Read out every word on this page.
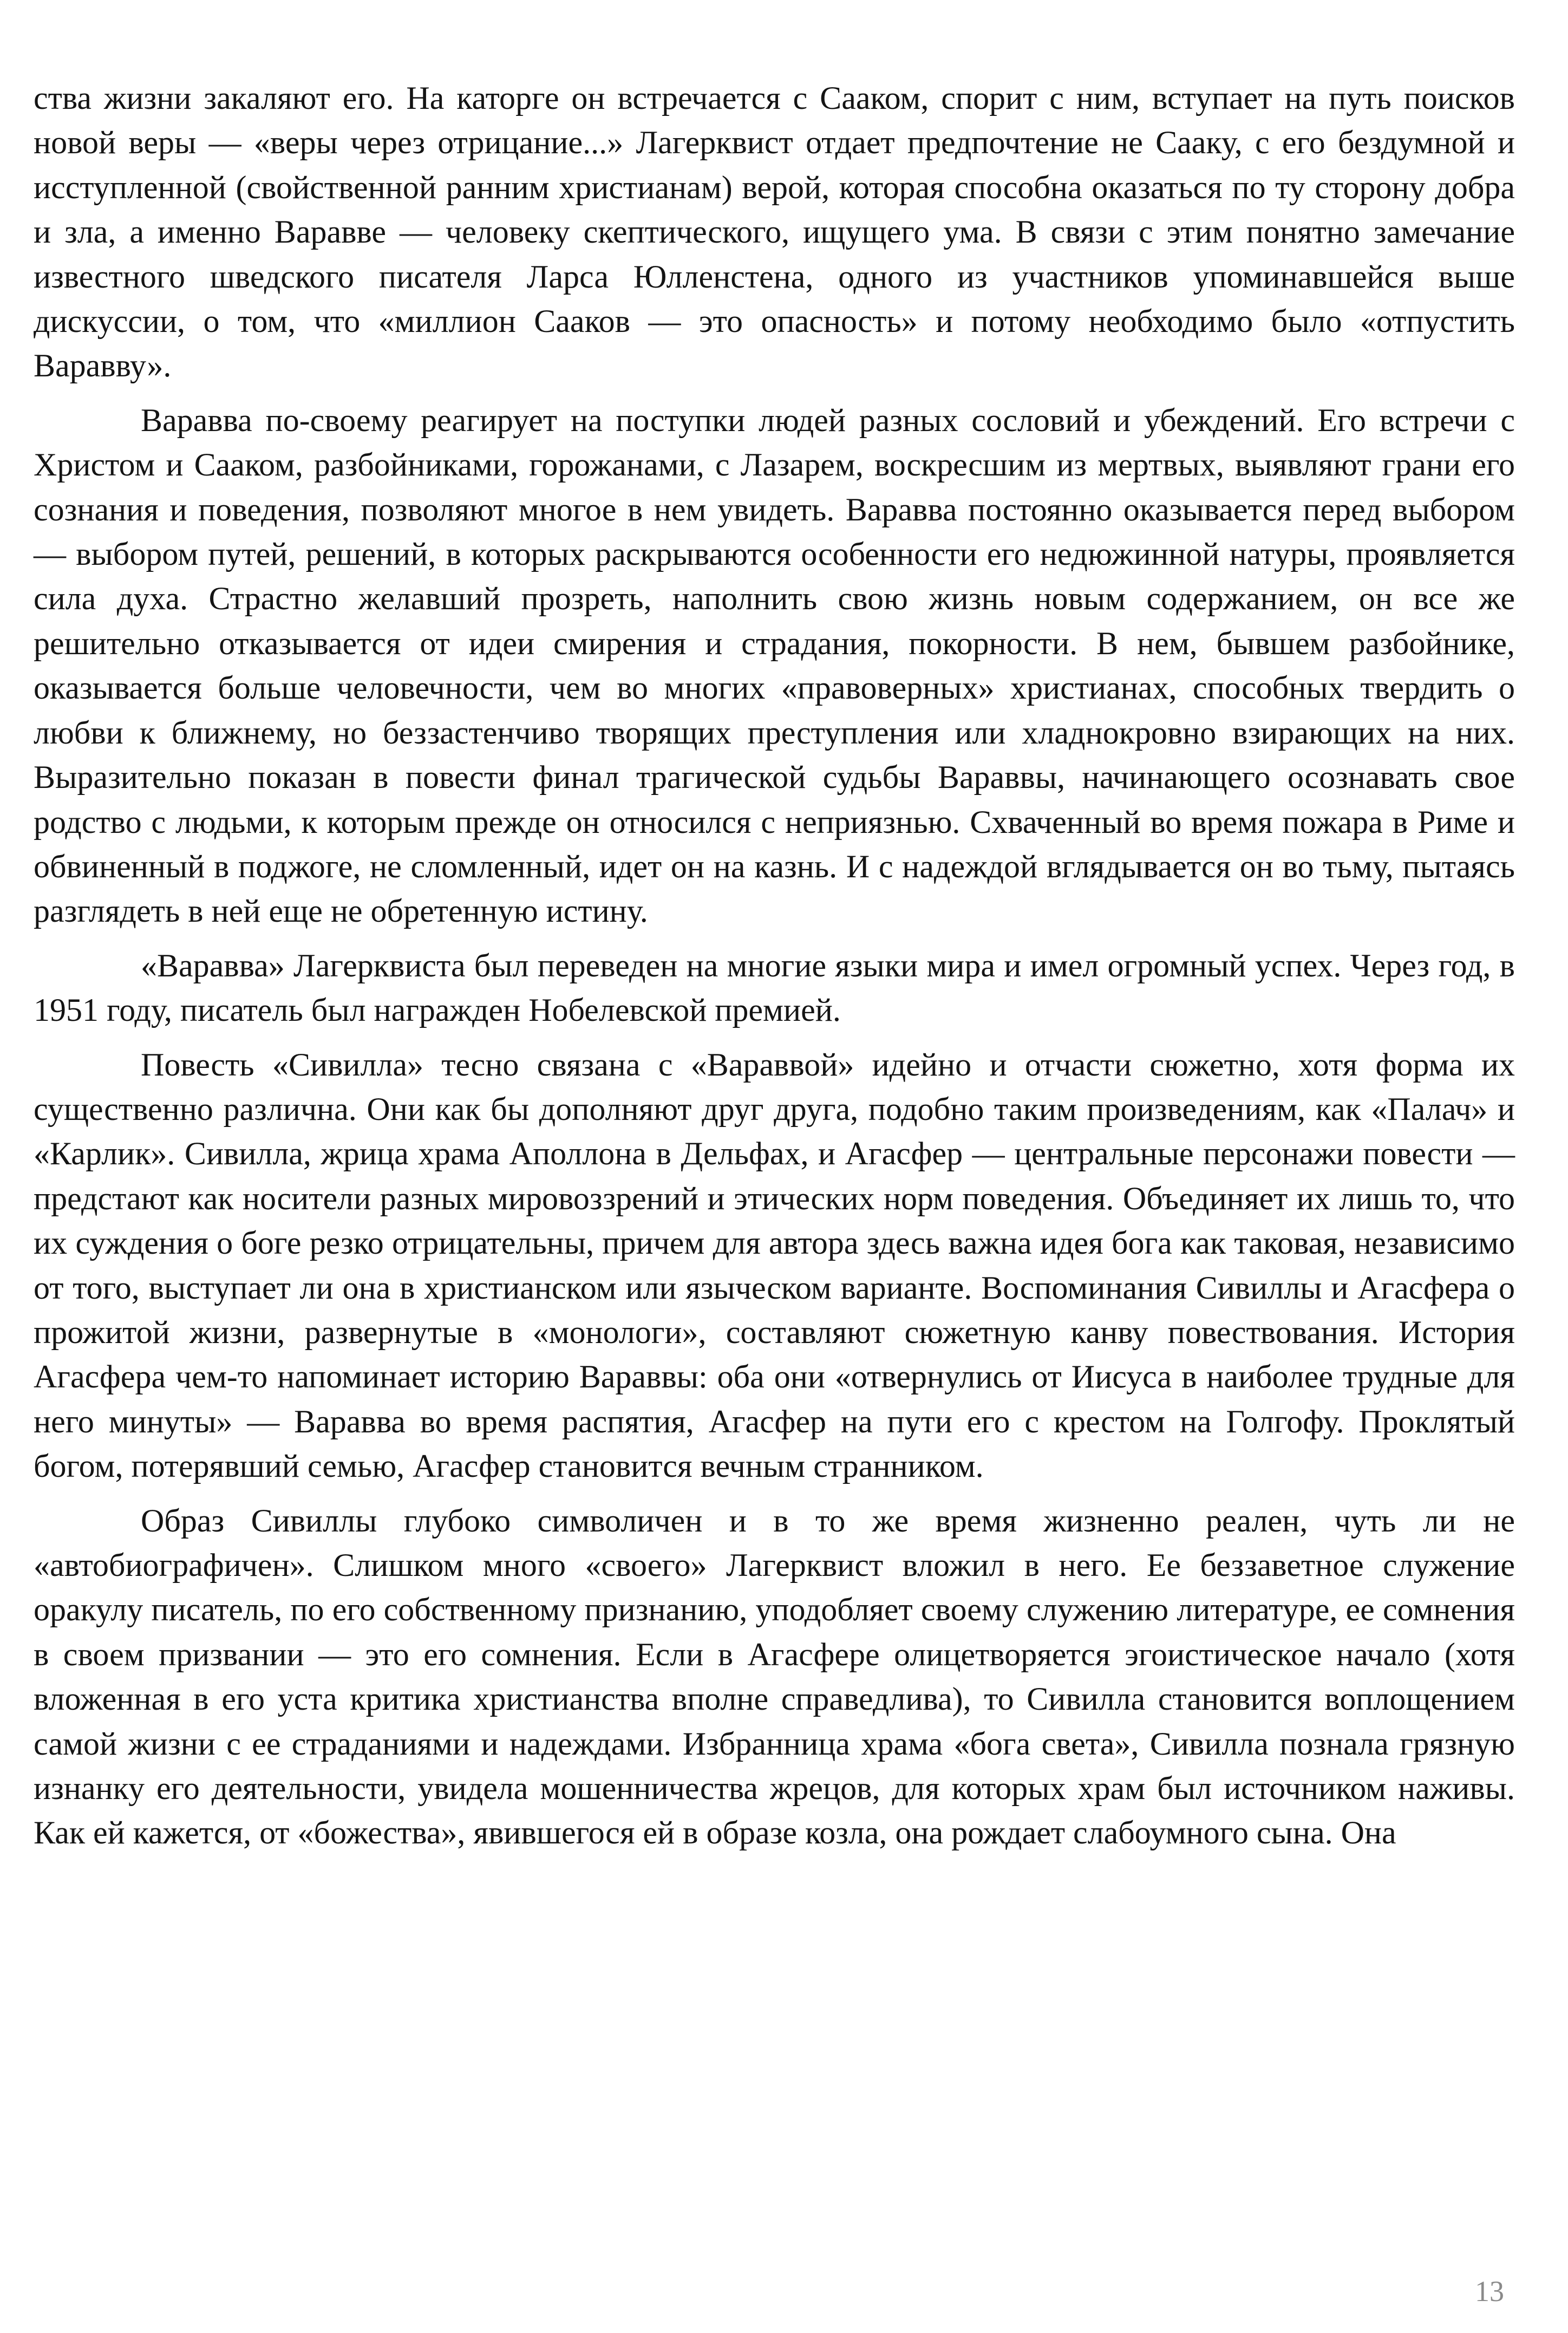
ства жизни закаляют его. На каторге он встречается с Сааком, спорит с ним, вступает на путь поисков новой веры — «веры через отрицание...» Лагерквист отдает предпочтение не Сааку, с его бездумной и исступленной (свойственной ранним христианам) верой, которая способна оказаться по ту сторону добра и зла, а именно Варавве — человеку скептического, ищущего ума. В связи с этим понятно замечание известного шведского писателя Ларса Юлленстена, одного из участников упоминавшейся выше дискуссии, о том, что «миллион Сааков — это опасность» и потому необходимо было «отпустить Варавву».

Варавва по-своему реагирует на поступки людей разных сословий и убеждений. Его встречи с Христом и Сааком, разбойниками, горожанами, с Лазарем, воскресшим из мертвых, выявляют грани его сознания и поведения, позволяют многое в нем увидеть. Варавва постоянно оказывается перед выбором — выбором путей, решений, в которых раскрываются особенности его недюжинной натуры, проявляется сила духа. Страстно желавший прозреть, наполнить свою жизнь новым содержанием, он все же решительно отказывается от идеи смирения и страдания, покорности. В нем, бывшем разбойнике, оказывается больше человечности, чем во многих «правоверных» христианах, способных твердить о любви к ближнему, но беззастенчиво творящих преступления или хладнокровно взирающих на них. Выразительно показан в повести финал трагической судьбы Вараввы, начинающего осознавать свое родство с людьми, к которым прежде он относился с неприязнью. Схваченный во время пожара в Риме и обвиненный в поджоге, не сломленный, идет он на казнь. И с надеждой вглядывается он во тьму, пытаясь разглядеть в ней еще не обретенную истину.

«Варавва» Лагерквиста был переведен на многие языки мира и имел огромный успех. Через год, в 1951 году, писатель был награжден Нобелевской премией.

Повесть «Сивилла» тесно связана с «Вараввой» идейно и отчасти сюжетно, хотя форма их существенно различна. Они как бы дополняют друг друга, подобно таким произведениям, как «Палач» и «Карлик». Сивилла, жрица храма Аполлона в Дельфах, и Агасфер — центральные персонажи повести — предстают как носители разных мировоззрений и этических норм поведения. Объединяет их лишь то, что их суждения о боге резко отрицательны, причем для автора здесь важна идея бога как таковая, независимо от того, выступает ли она в христианском или языческом варианте. Воспоминания Сивиллы и Агасфера о прожитой жизни, развернутые в «монологи», составляют сюжетную канву повествования. История Агасфера чем-то напоминает историю Вараввы: оба они «отвернулись от Иисуса в наиболее трудные для него минуты» — Варавва во время распятия, Агасфер на пути его с крестом на Голгофу. Проклятый богом, потерявший семью, Агасфер становится вечным странником.

Образ Сивиллы глубоко символичен и в то же время жизненно реален, чуть ли не «автобиографичен». Слишком много «своего» Лагерквист вложил в него. Ее беззаветное служение оракулу писатель, по его собственному признанию, уподобляет своему служению литературе, ее сомнения в своем призвании — это его сомнения. Если в Агасфере олицетворяется эгоистическое начало (хотя вложенная в его уста критика христианства вполне справедлива), то Сивилла становится воплощением самой жизни с ее страданиями и надеждами. Избранница храма «бога света», Сивилла познала грязную изнанку его деятельности, увидела мошенничества жрецов, для которых храм был источником наживы. Как ей кажется, от «божества», явившегося ей в образе козла, она рождает слабоумного сына. Она

13
